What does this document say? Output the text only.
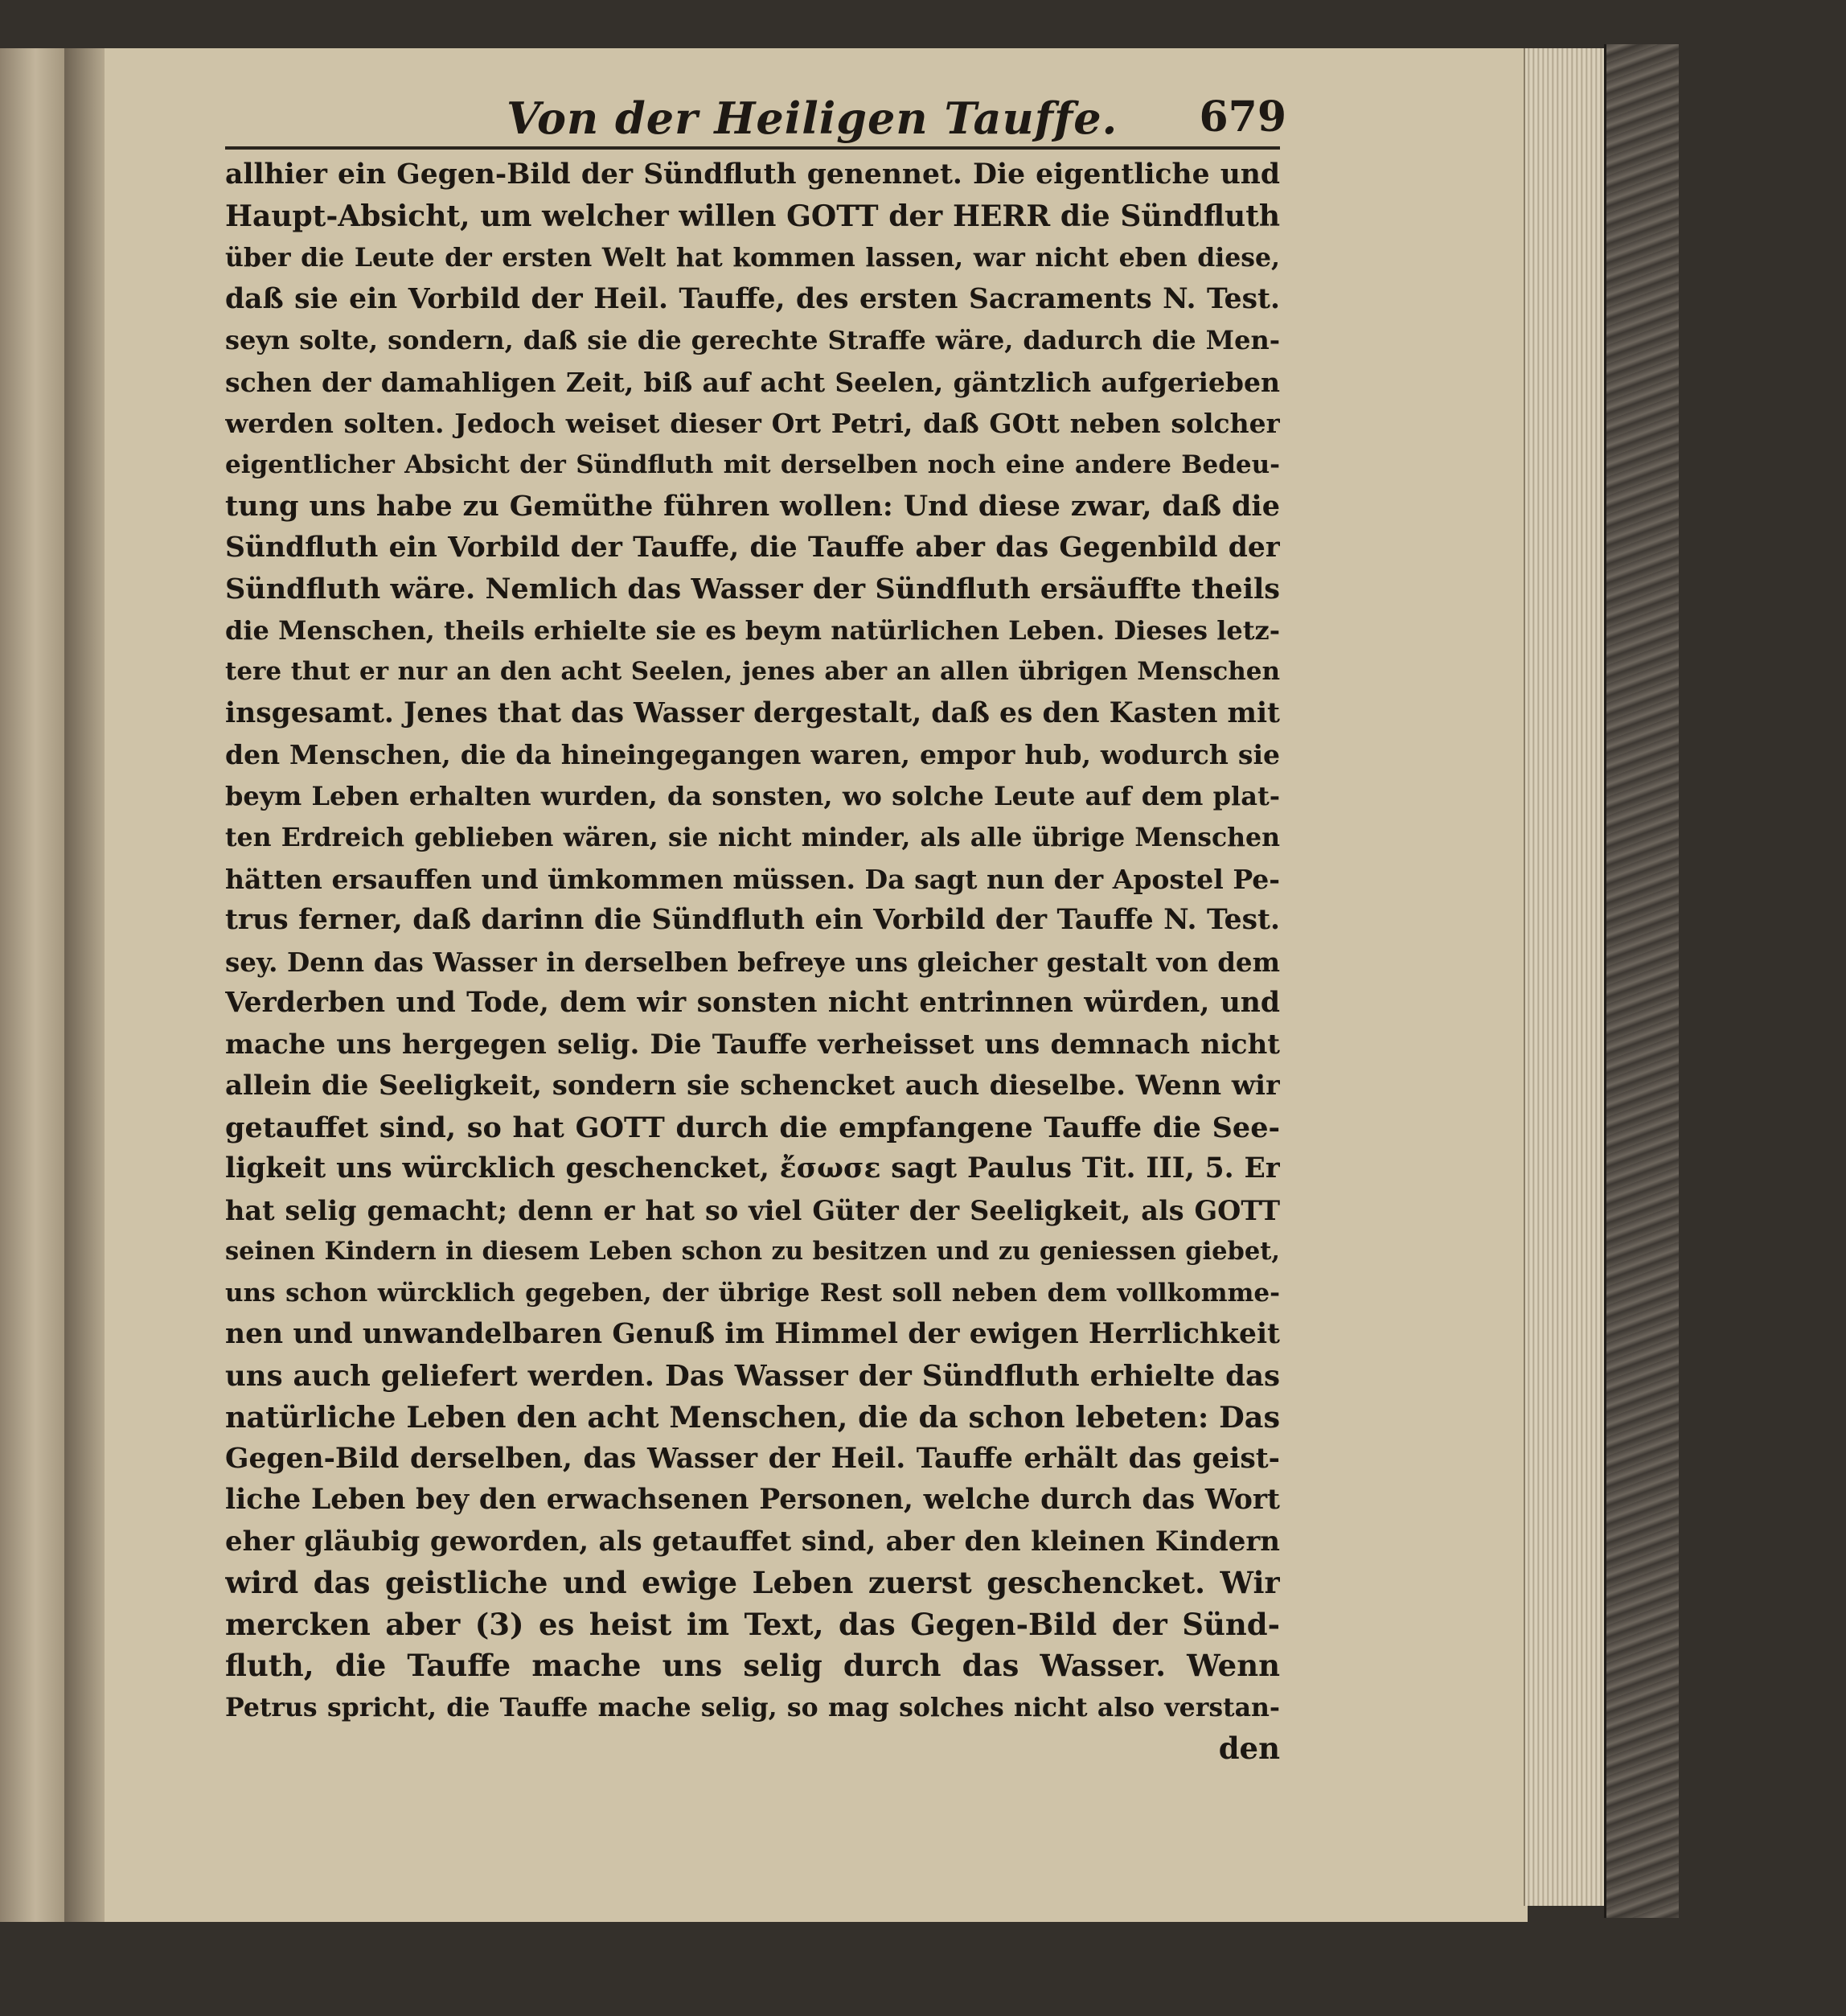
Von der Heiligen Tauffe. 679
allhier ein Gegen-Bild der Sündfluth genennet. Die eigentliche und
Haupt-Absicht, um welcher willen GOTT der HERR die Sündfluth
über die Leute der ersten Welt hat kommen lassen, war nicht eben diese,
daß sie ein Vorbild der Heil. Tauffe, des ersten Sacraments N. Test.
seyn solte, sondern, daß sie die gerechte Straffe wäre, dadurch die Men-
schen der damahligen Zeit, biß auf acht Seelen, gäntzlich aufgerieben
werden solten. Jedoch weiset dieser Ort Petri, daß GOtt neben solcher
eigentlicher Absicht der Sündfluth mit derselben noch eine andere Bedeu-
tung uns habe zu Gemüthe führen wollen: Und diese zwar, daß die
Sündfluth ein Vorbild der Tauffe, die Tauffe aber das Gegenbild der
Sündfluth wäre. Nemlich das Wasser der Sündfluth ersäuffte theils
die Menschen, theils erhielte sie es beym natürlichen Leben. Dieses letz-
tere thut er nur an den acht Seelen, jenes aber an allen übrigen Menschen
insgesamt. Jenes that das Wasser dergestalt, daß es den Kasten mit
den Menschen, die da hineingegangen waren, empor hub, wodurch sie
beym Leben erhalten wurden, da sonsten, wo solche Leute auf dem plat-
ten Erdreich geblieben wären, sie nicht minder, als alle übrige Menschen
hätten ersauffen und ümkommen müssen. Da sagt nun der Apostel Pe-
trus ferner, daß darinn die Sündfluth ein Vorbild der Tauffe N. Test.
sey. Denn das Wasser in derselben befreye uns gleicher gestalt von dem
Verderben und Tode, dem wir sonsten nicht entrinnen würden, und
mache uns hergegen selig. Die Tauffe verheisset uns demnach nicht
allein die Seeligkeit, sondern sie schencket auch dieselbe. Wenn wir
getauffet sind, so hat GOTT durch die empfangene Tauffe die See-
ligkeit uns würcklich geschencket, ἔσωσε sagt Paulus Tit. III, 5. Er
hat selig gemacht; denn er hat so viel Güter der Seeligkeit, als GOTT
seinen Kindern in diesem Leben schon zu besitzen und zu geniessen giebet,
uns schon würcklich gegeben, der übrige Rest soll neben dem vollkomme-
nen und unwandelbaren Genuß im Himmel der ewigen Herrlichkeit
uns auch geliefert werden. Das Wasser der Sündfluth erhielte das
natürliche Leben den acht Menschen, die da schon lebeten: Das
Gegen-Bild derselben, das Wasser der Heil. Tauffe erhält das geist-
liche Leben bey den erwachsenen Personen, welche durch das Wort
eher gläubig geworden, als getauffet sind, aber den kleinen Kindern
wird das geistliche und ewige Leben zuerst geschencket. Wir
mercken aber (3) es heist im Text, das Gegen-Bild der Sünd-
fluth, die Tauffe mache uns selig durch das Wasser. Wenn
Petrus spricht, die Tauffe mache selig, so mag solches nicht also verstan-
den
